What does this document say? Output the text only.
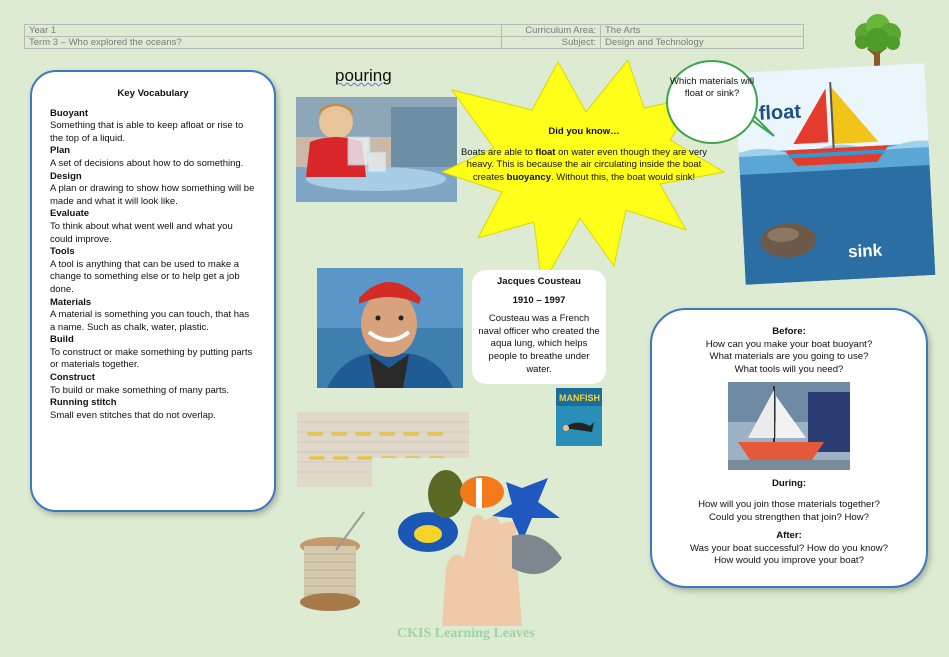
Year 1	Curriculum Area:	The Arts
Term 3 – Who explored the oceans?	Subject:	Design and Technology
Key Vocabulary
Buoyant
Something that is able to keep afloat or rise to the top of a liquid.
Plan
A set of decisions about how to do something.
Design
A plan or drawing to show how something will be made and what it will look like.
Evaluate
To think about what went well and what you could improve.
Tools
A tool is anything that can be used to make a change to something else or to help get a job done.
Materials
A material is something you can touch, that has a name. Such as chalk, water, plastic.
Build
To construct or make something by putting parts or materials together.
Construct
To build or make something of many parts.
Running stitch
Small even stitches that do not overlap.
pouring
Did you know…
Boats are able to float on water even though they are very heavy. This is because the air circulating inside the boat creates buoyancy. Without this, the boat would sink!
float
sink
Which materials will float or sink?
Jacques Cousteau
1910 – 1997
Cousteau was a French naval officer who created the aqua lung, which helps people to breathe under water.
MANFISH
Before:
How can you make your boat buoyant?
What materials are you going to use?
What tools will you need?
During:
How will you join those materials together?
Could you strengthen that join? How?
After:
Was your boat successful? How do you know?
How would you improve your boat?
CKIS Learning Leaves
